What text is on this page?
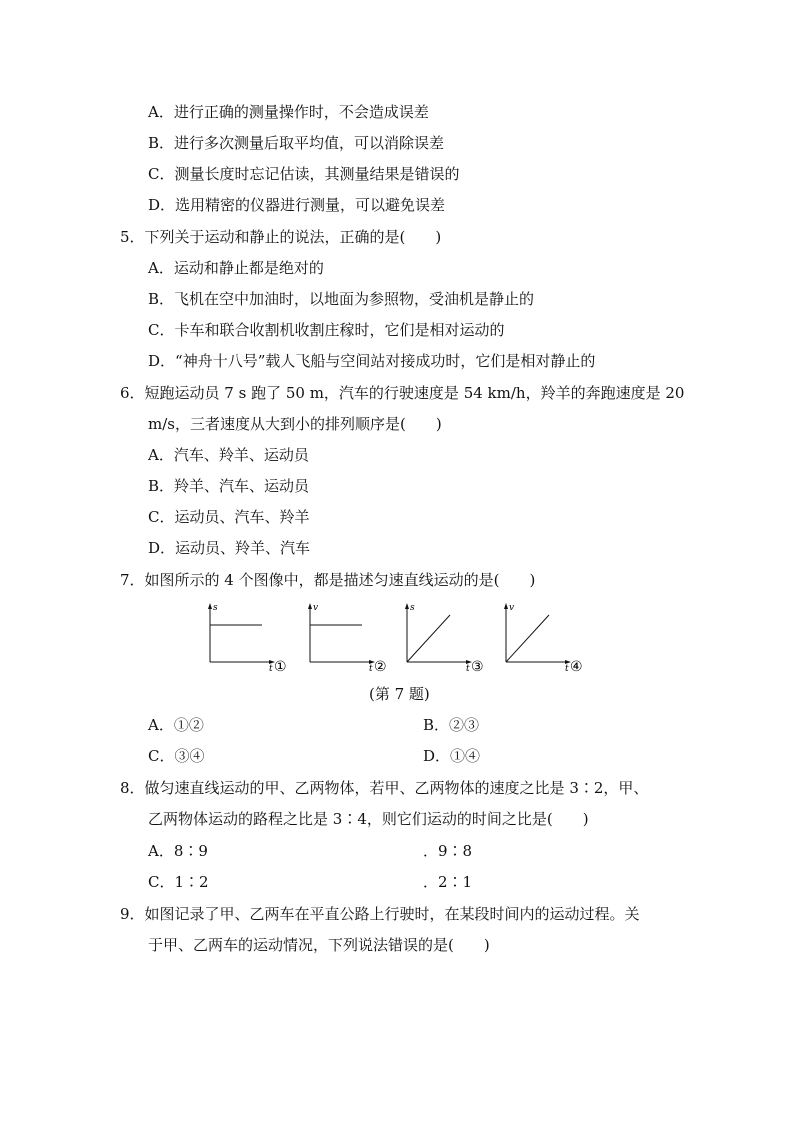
A．进行正确的测量操作时，不会造成误差
B．进行多次测量后取平均值，可以消除误差
C．测量长度时忘记估读，其测量结果是错误的
D．选用精密的仪器进行测量，可以避免误差
5．下列关于运动和静止的说法，正确的是(　　)
A．运动和静止都是绝对的
B．飞机在空中加油时，以地面为参照物，受油机是静止的
C．卡车和联合收割机收割庄稼时，它们是相对运动的
D．“神舟十八号”载人飞船与空间站对接成功时，它们是相对静止的
6．短跑运动员 7 s 跑了 50 m，汽车的行驶速度是 54 km/h，羚羊的奔跑速度是 20
m/s，三者速度从大到小的排列顺序是(　　)
A．汽车、羚羊、运动员
B．羚羊、汽车、运动员
C．运动员、汽车、羚羊
D．运动员、羚羊、汽车
7．如图所示的 4 个图像中，都是描述匀速直线运动的是(　　)
s
t ①
v
t ②
s
t ③
v
t ④
(第 7 题)
A．①②	B．②③
C．③④	D．①④
8．做匀速直线运动的甲、乙两物体，若甲、乙两物体的速度之比是 3∶2，甲、
乙两物体运动的路程之比是 3∶4，则它们运动的时间之比是(　　)
A．8∶9	．9∶8
C．1∶2	．2∶1
9．如图记录了甲、乙两车在平直公路上行驶时，在某段时间内的运动过程。关
于甲、乙两车的运动情况，下列说法错误的是(　　)
